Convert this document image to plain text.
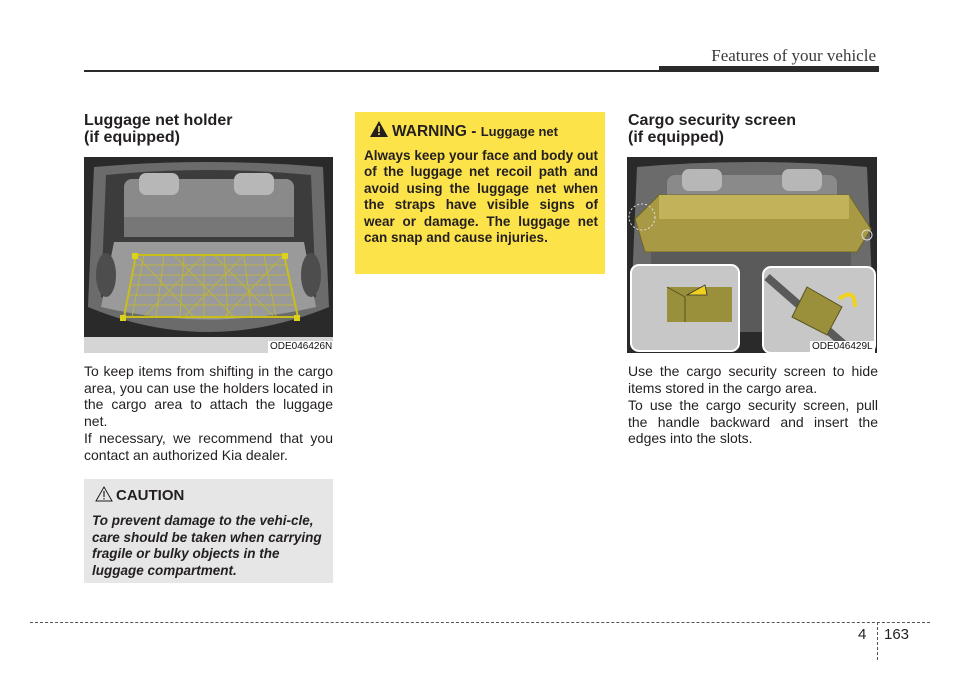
Features of your vehicle
Luggage net holder
(if equipped)
ODE046426N

To keep items from shifting in the cargo area, you can use the holders located in the cargo area to attach the luggage net.

If necessary, we recommend that you contact an authorized Kia dealer.

CAUTION

To prevent damage to the vehi-cle, care should be taken when carrying fragile or bulky objects in the luggage compartment.

WARNING - Luggage net

Always keep your face and body out of the luggage net recoil path and avoid using the luggage net when the straps have visible signs of wear or damage. The luggage net can snap and cause injuries.

Cargo security screen
(if equipped)
ODE046429L

Use the cargo security screen to hide items stored in the cargo area.

To use the cargo security screen, pull the handle backward and insert the edges into the slots.

4 163
